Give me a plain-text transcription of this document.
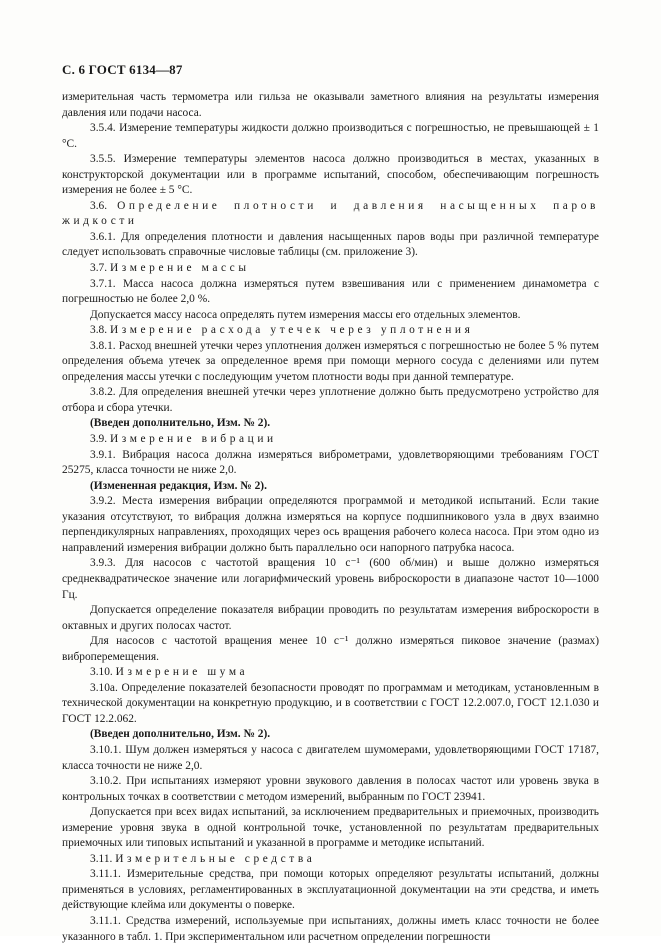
С. 6 ГОСТ 6134—87

измерительная часть термометра или гильза не оказывали заметного влияния на результаты измерения давления или подачи насоса.

3.5.4. Измерение температуры жидкости должно производиться с погрешностью, не превышающей ± 1 °С.

3.5.5. Измерение температуры элементов насоса должно производиться в местах, указанных в конструкторской документации или в программе испытаний, способом, обеспечивающим погрешность измерения не более ± 5 °С.

3.6. Определение плотности и давления насыщенных паров жидкости

3.6.1. Для определения плотности и давления насыщенных паров воды при различной температуре следует использовать справочные числовые таблицы (см. приложение 3).

3.7. Измерение массы

3.7.1. Масса насоса должна измеряться путем взвешивания или с применением динамометра с погрешностью не более 2,0 %.

Допускается массу насоса определять путем измерения массы его отдельных элементов.

3.8. Измерение расхода утечек через уплотнения

3.8.1. Расход внешней утечки через уплотнения должен измеряться с погрешностью не более 5 % путем определения объема утечек за определенное время при помощи мерного сосуда с делениями или путем определения массы утечки с последующим учетом плотности воды при данной температуре.

3.8.2. Для определения внешней утечки через уплотнение должно быть предусмотрено устройство для отбора и сбора утечки.

(Введен дополнительно, Изм. № 2).

3.9. Измерение вибрации

3.9.1. Вибрация насоса должна измеряться виброметрами, удовлетворяющими требованиям ГОСТ 25275, класса точности не ниже 2,0.

(Измененная редакция, Изм. № 2).

3.9.2. Места измерения вибрации определяются программой и методикой испытаний. Если такие указания отсутствуют, то вибрация должна измеряться на корпусе подшипникового узла в двух взаимно перпендикулярных направлениях, проходящих через ось вращения рабочего колеса насоса. При этом одно из направлений измерения вибрации должно быть параллельно оси напорного патрубка насоса.

3.9.3. Для насосов с частотой вращения 10 с⁻¹ (600 об/мин) и выше должно измеряться среднеквадратическое значение или логарифмический уровень виброскорости в диапазоне частот 10—1000 Гц.

Допускается определение показателя вибрации проводить по результатам измерения виброскорости в октавных и других полосах частот.

Для насосов с частотой вращения менее 10 с⁻¹ должно измеряться пиковое значение (размах) виброперемещения.

3.10. Измерение шума

3.10а. Определение показателей безопасности проводят по программам и методикам, установленным в технической документации на конкретную продукцию, и в соответствии с ГОСТ 12.2.007.0, ГОСТ 12.1.030 и ГОСТ 12.2.062.

(Введен дополнительно, Изм. № 2).

3.10.1. Шум должен измеряться у насоса с двигателем шумомерами, удовлетворяющими ГОСТ 17187, класса точности не ниже 2,0.

3.10.2. При испытаниях измеряют уровни звукового давления в полосах частот или уровень звука в контрольных точках в соответствии с методом измерений, выбранным по ГОСТ 23941.

Допускается при всех видах испытаний, за исключением предварительных и приемочных, производить измерение уровня звука в одной контрольной точке, установленной по результатам предварительных приемочных или типовых испытаний и указанной в программе и методике испытаний.

3.11. Измерительные средства

3.11.1. Измерительные средства, при помощи которых определяют результаты испытаний, должны применяться в условиях, регламентированных в эксплуатационной документации на эти средства, и иметь действующие клейма или документы о поверке.

3.11.1. Средства измерений, используемые при испытаниях, должны иметь класс точности не более указанного в табл. 1. При экспериментальном или расчетном определении погрешности
